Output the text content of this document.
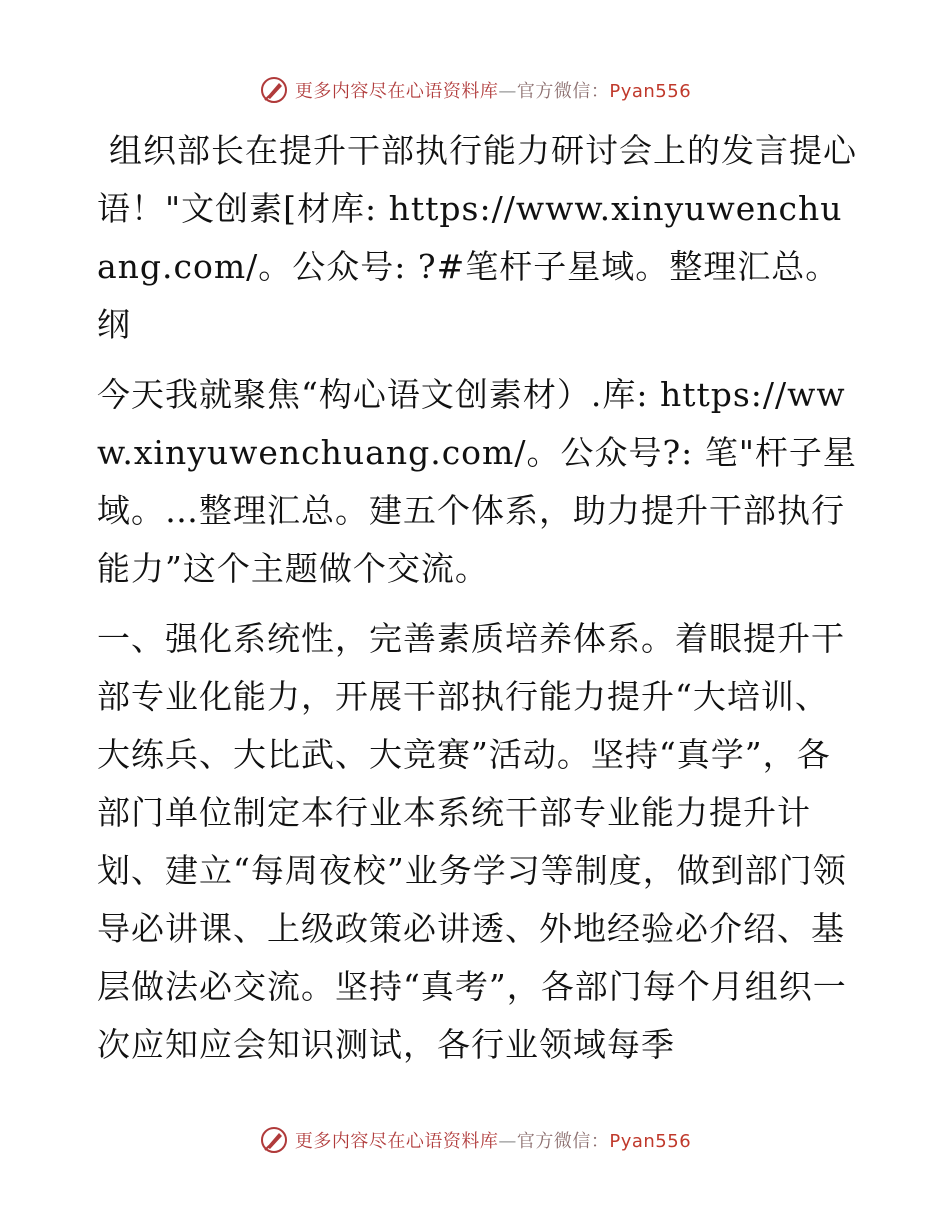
更多内容尽在心语资料库—官方微信：Pyan556

组织部长在提升干部执行能力研讨会上的发言提心语！"文创素[材库: https://www.xinyuwenchuang.com/。公众号: ?#笔杆子星域。整理汇总。纲

今天我就聚焦“构心语文创素材）.库: https://www.xinyuwenchuang.com/。公众号?: 笔"杆子星域。…整理汇总。建五个体系，助力提升干部执行能力”这个主题做个交流。

一、强化系统性，完善素质培养体系。着眼提升干部专业化能力，开展干部执行能力提升“大培训、大练兵、大比武、大竞赛”活动。坚持“真学”，各部门单位制定本行业本系统干部专业能力提升计划、建立“每周夜校”业务学习等制度，做到部门领导必讲课、上级政策必讲透、外地经验必介绍、基层做法必交流。坚持“真考”，各部门每个月组织一次应知应会知识测试，各行业领域每季

更多内容尽在心语资料库—官方微信：Pyan556
